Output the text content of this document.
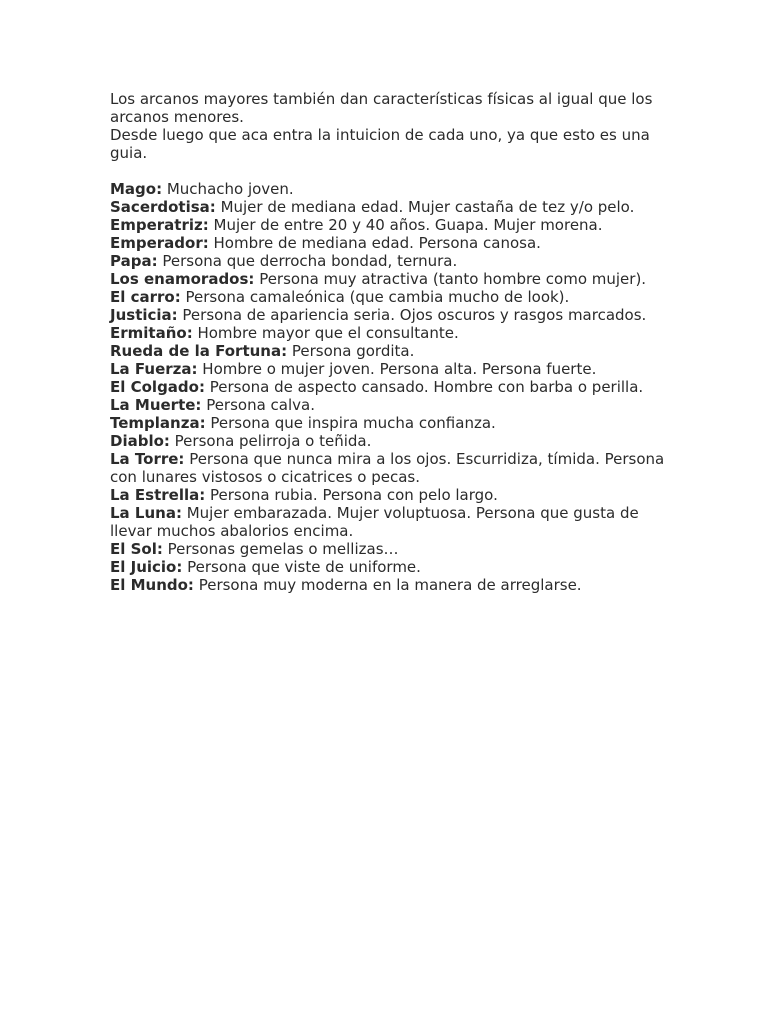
Los arcanos mayores también dan características físicas al igual que los arcanos menores.

Desde luego que aca entra la intuicion de cada uno, ya que esto es una guia.

Mago: Muchacho joven.

Sacerdotisa: Mujer de mediana edad. Mujer castaña de tez y/o pelo.

Emperatriz: Mujer de entre 20 y 40 años. Guapa. Mujer morena.

Emperador: Hombre de mediana edad. Persona canosa.

Papa: Persona que derrocha bondad, ternura.

Los enamorados: Persona muy atractiva (tanto hombre como mujer).

El carro: Persona camaleónica (que cambia mucho de look).

Justicia: Persona de apariencia seria. Ojos oscuros y rasgos marcados.

Ermitaño: Hombre mayor que el consultante.

Rueda de la Fortuna: Persona gordita.

La Fuerza: Hombre o mujer joven. Persona alta. Persona fuerte.

El Colgado: Persona de aspecto cansado. Hombre con barba o perilla.

La Muerte: Persona calva.

Templanza: Persona que inspira mucha confianza.

Diablo: Persona pelirroja o teñida.

La Torre: Persona que nunca mira a los ojos. Escurridiza, tímida. Persona con lunares vistosos o cicatrices o pecas.

La Estrella: Persona rubia. Persona con pelo largo.

La Luna: Mujer embarazada. Mujer voluptuosa. Persona que gusta de llevar muchos abalorios encima.

El Sol: Personas gemelas o mellizas…

El Juicio: Persona que viste de uniforme.

El Mundo: Persona muy moderna en la manera de arreglarse.
